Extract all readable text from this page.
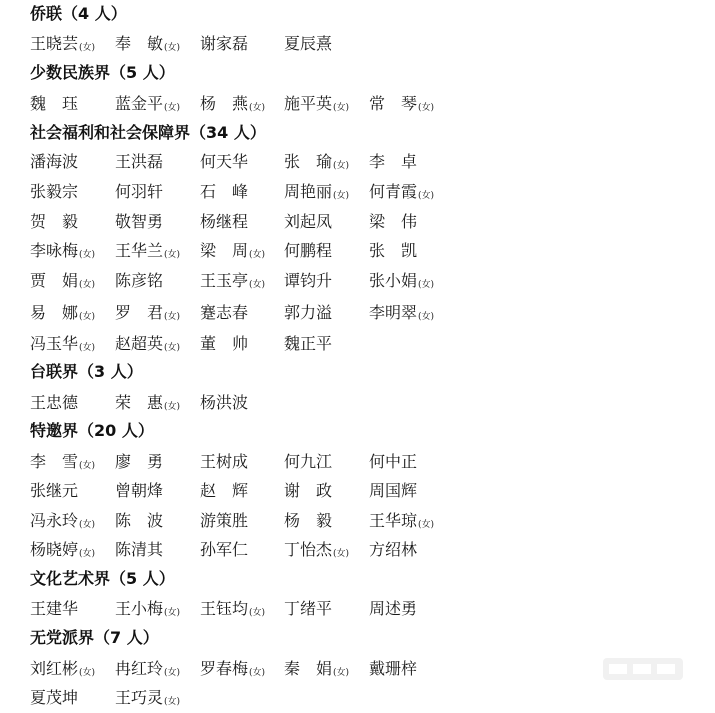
侨联（4 人）
王晓芸(女) 奉　敏(女) 谢家磊 夏辰熹
少数民族界（5 人）
魏　珏 蓝金平(女) 杨　燕(女) 施平英(女) 常　琴(女)
社会福利和社会保障界（34 人）
潘海波 王洪磊 何天华 张　瑜(女) 李　卓
张毅宗 何羽轩 石　峰 周艳丽(女) 何青霞(女)
贺　毅 敬智勇 杨继程 刘起凤 梁　伟
李咏梅(女) 王华兰(女) 梁　周(女) 何鹏程 张　凯
贾　娟(女) 陈彦铭 王玉亭(女) 谭钧升 张小娟(女)
易　娜(女) 罗　君(女) 蹇志春 郭力溢 李明翠(女)
冯玉华(女) 赵超英(女) 董　帅 魏正平
台联界（3 人）
王忠德 荣　惠(女) 杨洪波
特邀界（20 人）
李　雪(女) 廖　勇 王树成 何九江 何中正
张继元 曾朝烽 赵　辉 谢　政 周国辉
冯永玲(女) 陈　波 游策胜 杨　毅 王华琼(女)
杨晓婷(女) 陈清其 孙军仁 丁怡杰(女) 方绍林
文化艺术界（5 人）
王建华 王小梅(女) 王钰均(女) 丁绪平 周述勇
无党派界（7 人）
刘红彬(女) 冉红玲(女) 罗春梅(女) 秦　娟(女) 戴珊梓
夏茂坤 王巧灵(女)
